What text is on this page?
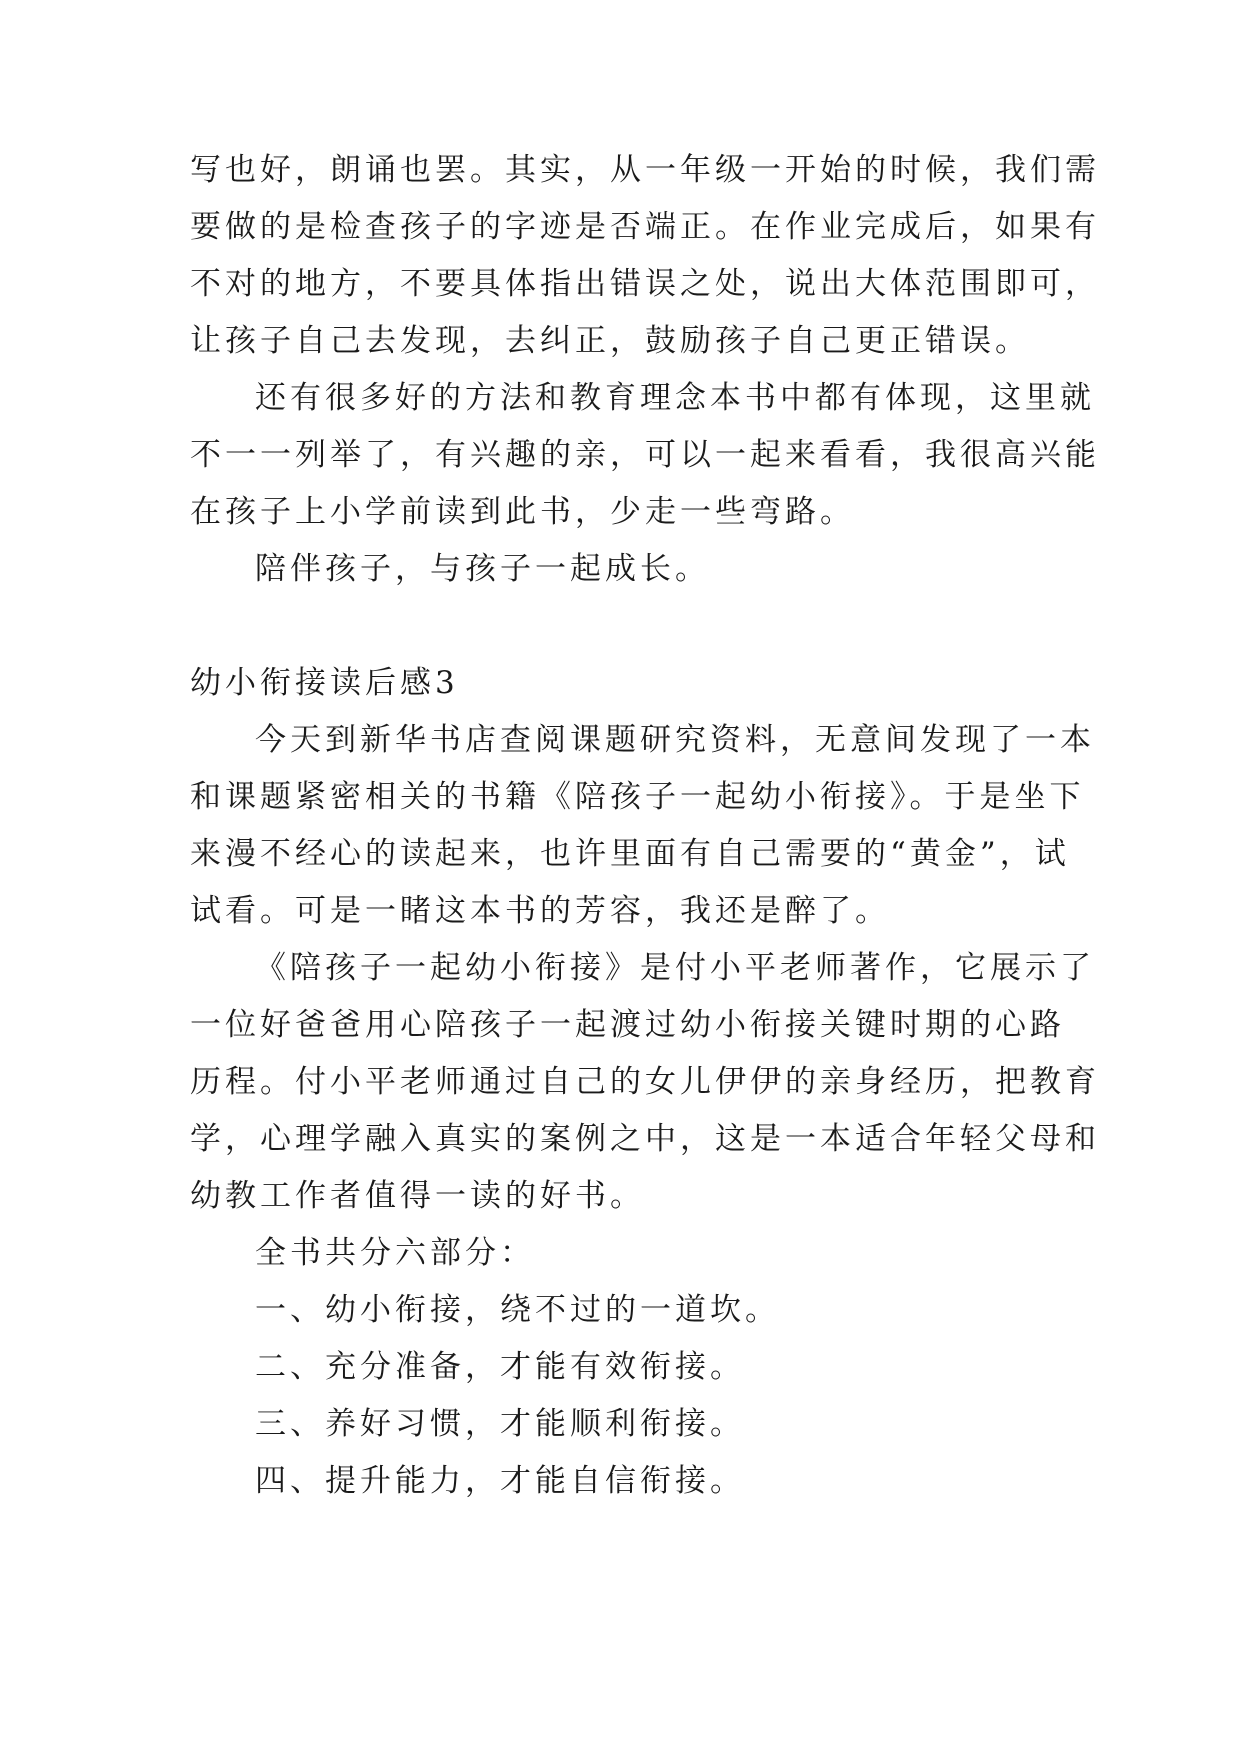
写也好，朗诵也罢。其实，从一年级一开始的时候，我们需
要做的是检查孩子的字迹是否端正。在作业完成后，如果有
不对的地方，不要具体指出错误之处，说出大体范围即可，
让孩子自己去发现，去纠正，鼓励孩子自己更正错误。
还有很多好的方法和教育理念本书中都有体现，这里就
不一一列举了，有兴趣的亲，可以一起来看看，我很高兴能
在孩子上小学前读到此书，少走一些弯路。
陪伴孩子，与孩子一起成长。
幼小衔接读后感3
今天到新华书店查阅课题研究资料，无意间发现了一本
和课题紧密相关的书籍《陪孩子一起幼小衔接》。于是坐下
来漫不经心的读起来，也许里面有自己需要的“黄金”，试
试看。可是一睹这本书的芳容，我还是醉了。
《陪孩子一起幼小衔接》是付小平老师著作，它展示了
一位好爸爸用心陪孩子一起渡过幼小衔接关键时期的心路
历程。付小平老师通过自己的女儿伊伊的亲身经历，把教育
学，心理学融入真实的案例之中，这是一本适合年轻父母和
幼教工作者值得一读的好书。
全书共分六部分：
一、幼小衔接，绕不过的一道坎。
二、充分准备，才能有效衔接。
三、养好习惯，才能顺利衔接。
四、提升能力，才能自信衔接。
